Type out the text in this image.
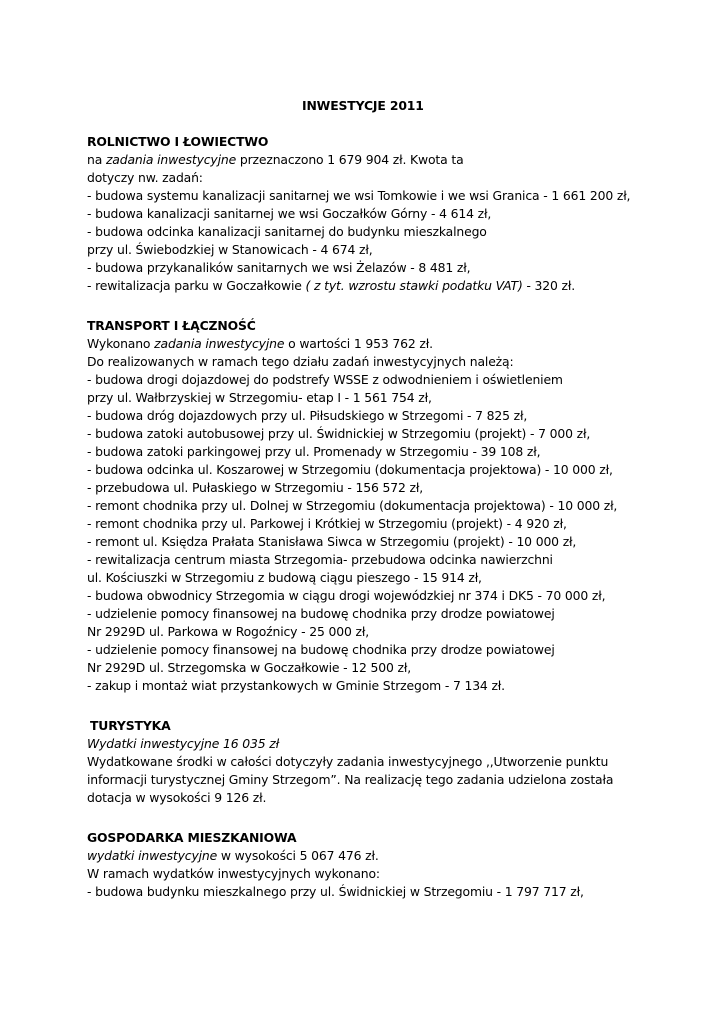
INWESTYCJE 2011
ROLNICTWO I ŁOWIECTWO
na zadania inwestycyjne przeznaczono 1 679 904 zł. Kwota ta
dotyczy nw. zadań:
- budowa systemu kanalizacji sanitarnej we wsi Tomkowie i we wsi Granica - 1 661 200 zł,
- budowa kanalizacji sanitarnej we wsi Goczałków Górny - 4 614 zł,
- budowa odcinka kanalizacji sanitarnej do budynku mieszkalnego
przy ul. Świebodzkiej w Stanowicach - 4 674 zł,
- budowa przykanalików sanitarnych we wsi Żelazów - 8 481 zł,
- rewitalizacja parku w Goczałkowie ( z tyt. wzrostu stawki podatku VAT) - 320 zł.
TRANSPORT I ŁĄCZNOŚĆ
Wykonano zadania inwestycyjne o wartości 1 953 762 zł.
Do realizowanych w ramach tego działu zadań inwestycyjnych należą:
- budowa drogi dojazdowej do podstrefy WSSE z odwodnieniem i oświetleniem
przy ul. Wałbrzyskiej w Strzegomiu- etap I - 1 561 754 zł,
- budowa dróg dojazdowych przy ul. Piłsudskiego w Strzegomi - 7 825 zł,
- budowa zatoki autobusowej przy ul. Świdnickiej w Strzegomiu (projekt) - 7 000 zł,
- budowa zatoki parkingowej przy ul. Promenady w Strzegomiu - 39 108 zł,
- budowa odcinka ul. Koszarowej w Strzegomiu (dokumentacja projektowa) - 10 000 zł,
- przebudowa ul. Pułaskiego w Strzegomiu - 156 572 zł,
- remont chodnika przy ul. Dolnej w Strzegomiu (dokumentacja projektowa) - 10 000 zł,
- remont chodnika przy ul. Parkowej i Krótkiej w Strzegomiu (projekt) - 4 920 zł,
- remont ul. Księdza Prałata Stanisława Siwca w Strzegomiu (projekt) - 10 000 zł,
- rewitalizacja centrum miasta Strzegomia- przebudowa odcinka nawierzchni
ul. Kościuszki w Strzegomiu z budową ciągu pieszego - 15 914 zł,
- budowa obwodnicy Strzegomia w ciągu drogi wojewódzkiej nr 374 i DK5 - 70 000 zł,
- udzielenie pomocy finansowej na budowę chodnika przy drodze powiatowej
Nr 2929D ul. Parkowa w Rogoźnicy - 25 000 zł,
- udzielenie pomocy finansowej na budowę chodnika przy drodze powiatowej
Nr 2929D ul. Strzegomska w Goczałkowie - 12 500 zł,
- zakup i montaż wiat przystankowych w Gminie Strzegom - 7 134 zł.
TURYSTYKA
Wydatki inwestycyjne 16 035 zł
Wydatkowane środki w całości dotyczyły zadania inwestycyjnego ,,Utworzenie punktu
informacji turystycznej Gminy Strzegom”. Na realizację tego zadania udzielona została
dotacja w wysokości 9 126 zł.
GOSPODARKA MIESZKANIOWA
wydatki inwestycyjne w wysokości 5 067 476 zł.
W ramach wydatków inwestycyjnych wykonano:
- budowa budynku mieszkalnego przy ul. Świdnickiej w Strzegomiu - 1 797 717 zł,
